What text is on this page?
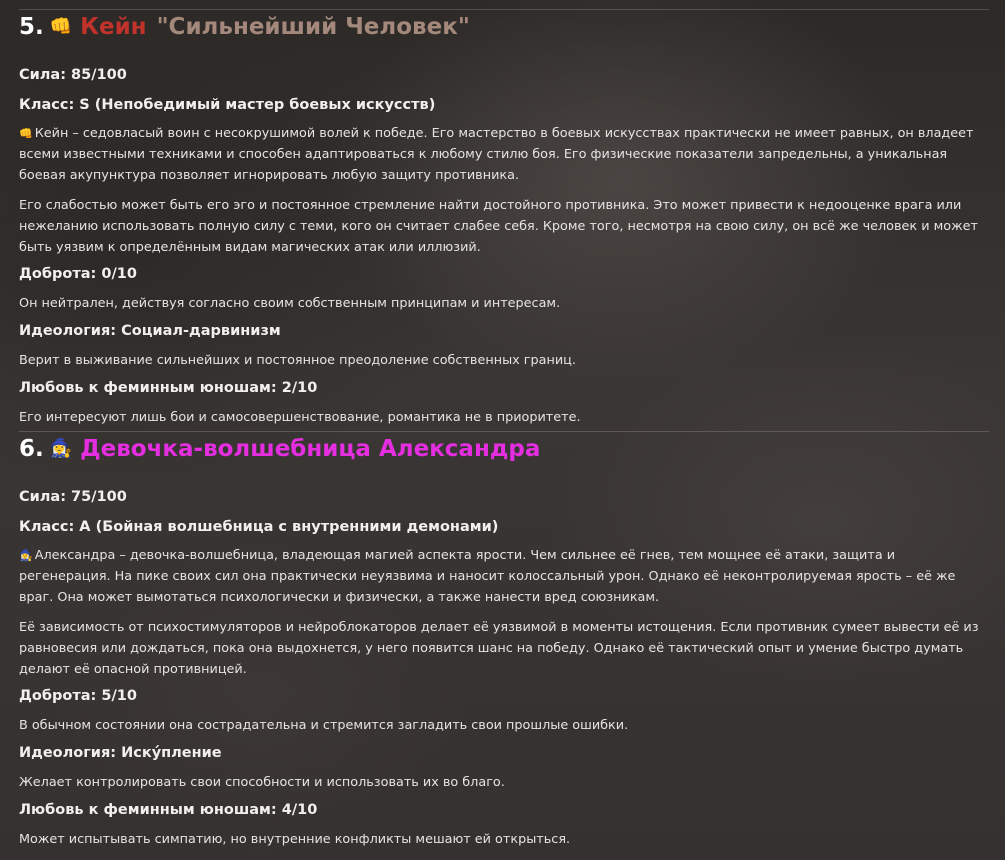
5. 👊 Кейн "Сильнейший Человек"
Сила: 85/100
Класс: S (Непобедимый мастер боевых искусств)

👊 Кейн – седовласый воин с несокрушимой волей к победе. Его мастерство в боевых искусствах практически не имеет равных, он владеет всеми известными техниками и способен адаптироваться к любому стилю боя. Его физические показатели запредельны, а уникальная боевая акупунктура позволяет игнорировать любую защиту противника.

Его слабостью может быть его эго и постоянное стремление найти достойного противника. Это может привести к недооценке врага или нежеланию использовать полную силу с теми, кого он считает слабее себя. Кроме того, несмотря на свою силу, он всё же человек и может быть уязвим к определённым видам магических атак или иллюзий.

Доброта: 0/10

Он нейтрален, действуя согласно своим собственным принципам и интересам.

Идеология: Социал-дарвинизм

Верит в выживание сильнейших и постоянное преодоление собственных границ.

Любовь к феминным юношам: 2/10

Его интересуют лишь бои и самосовершенствование, романтика не в приоритете.

6. 🧙‍♀️ Девочка-волшебница Александра
Сила: 75/100
Класс: A (Бойная волшебница с внутренними демонами)

🧙‍♀️ Александра – девочка-волшебница, владеющая магией аспекта ярости. Чем сильнее её гнев, тем мощнее её атаки, защита и регенерация. На пике своих сил она практически неуязвима и наносит колоссальный урон. Однако её неконтролируемая ярость – её же враг. Она может вымотаться психологически и физически, а также нанести вред союзникам.

Её зависимость от психостимуляторов и нейроблокаторов делает её уязвимой в моменты истощения. Если противник сумеет вывести её из равновесия или дождаться, пока она выдохнется, у него появится шанс на победу. Однако её тактический опыт и умение быстро думать делают её опасной противницей.

Доброта: 5/10

В обычном состоянии она сострадательна и стремится загладить свои прошлые ошибки.

Идеология: Иску́пление

Желает контролировать свои способности и использовать их во благо.

Любовь к феминным юношам: 4/10

Может испытывать симпатию, но внутренние конфликты мешают ей открыться.
